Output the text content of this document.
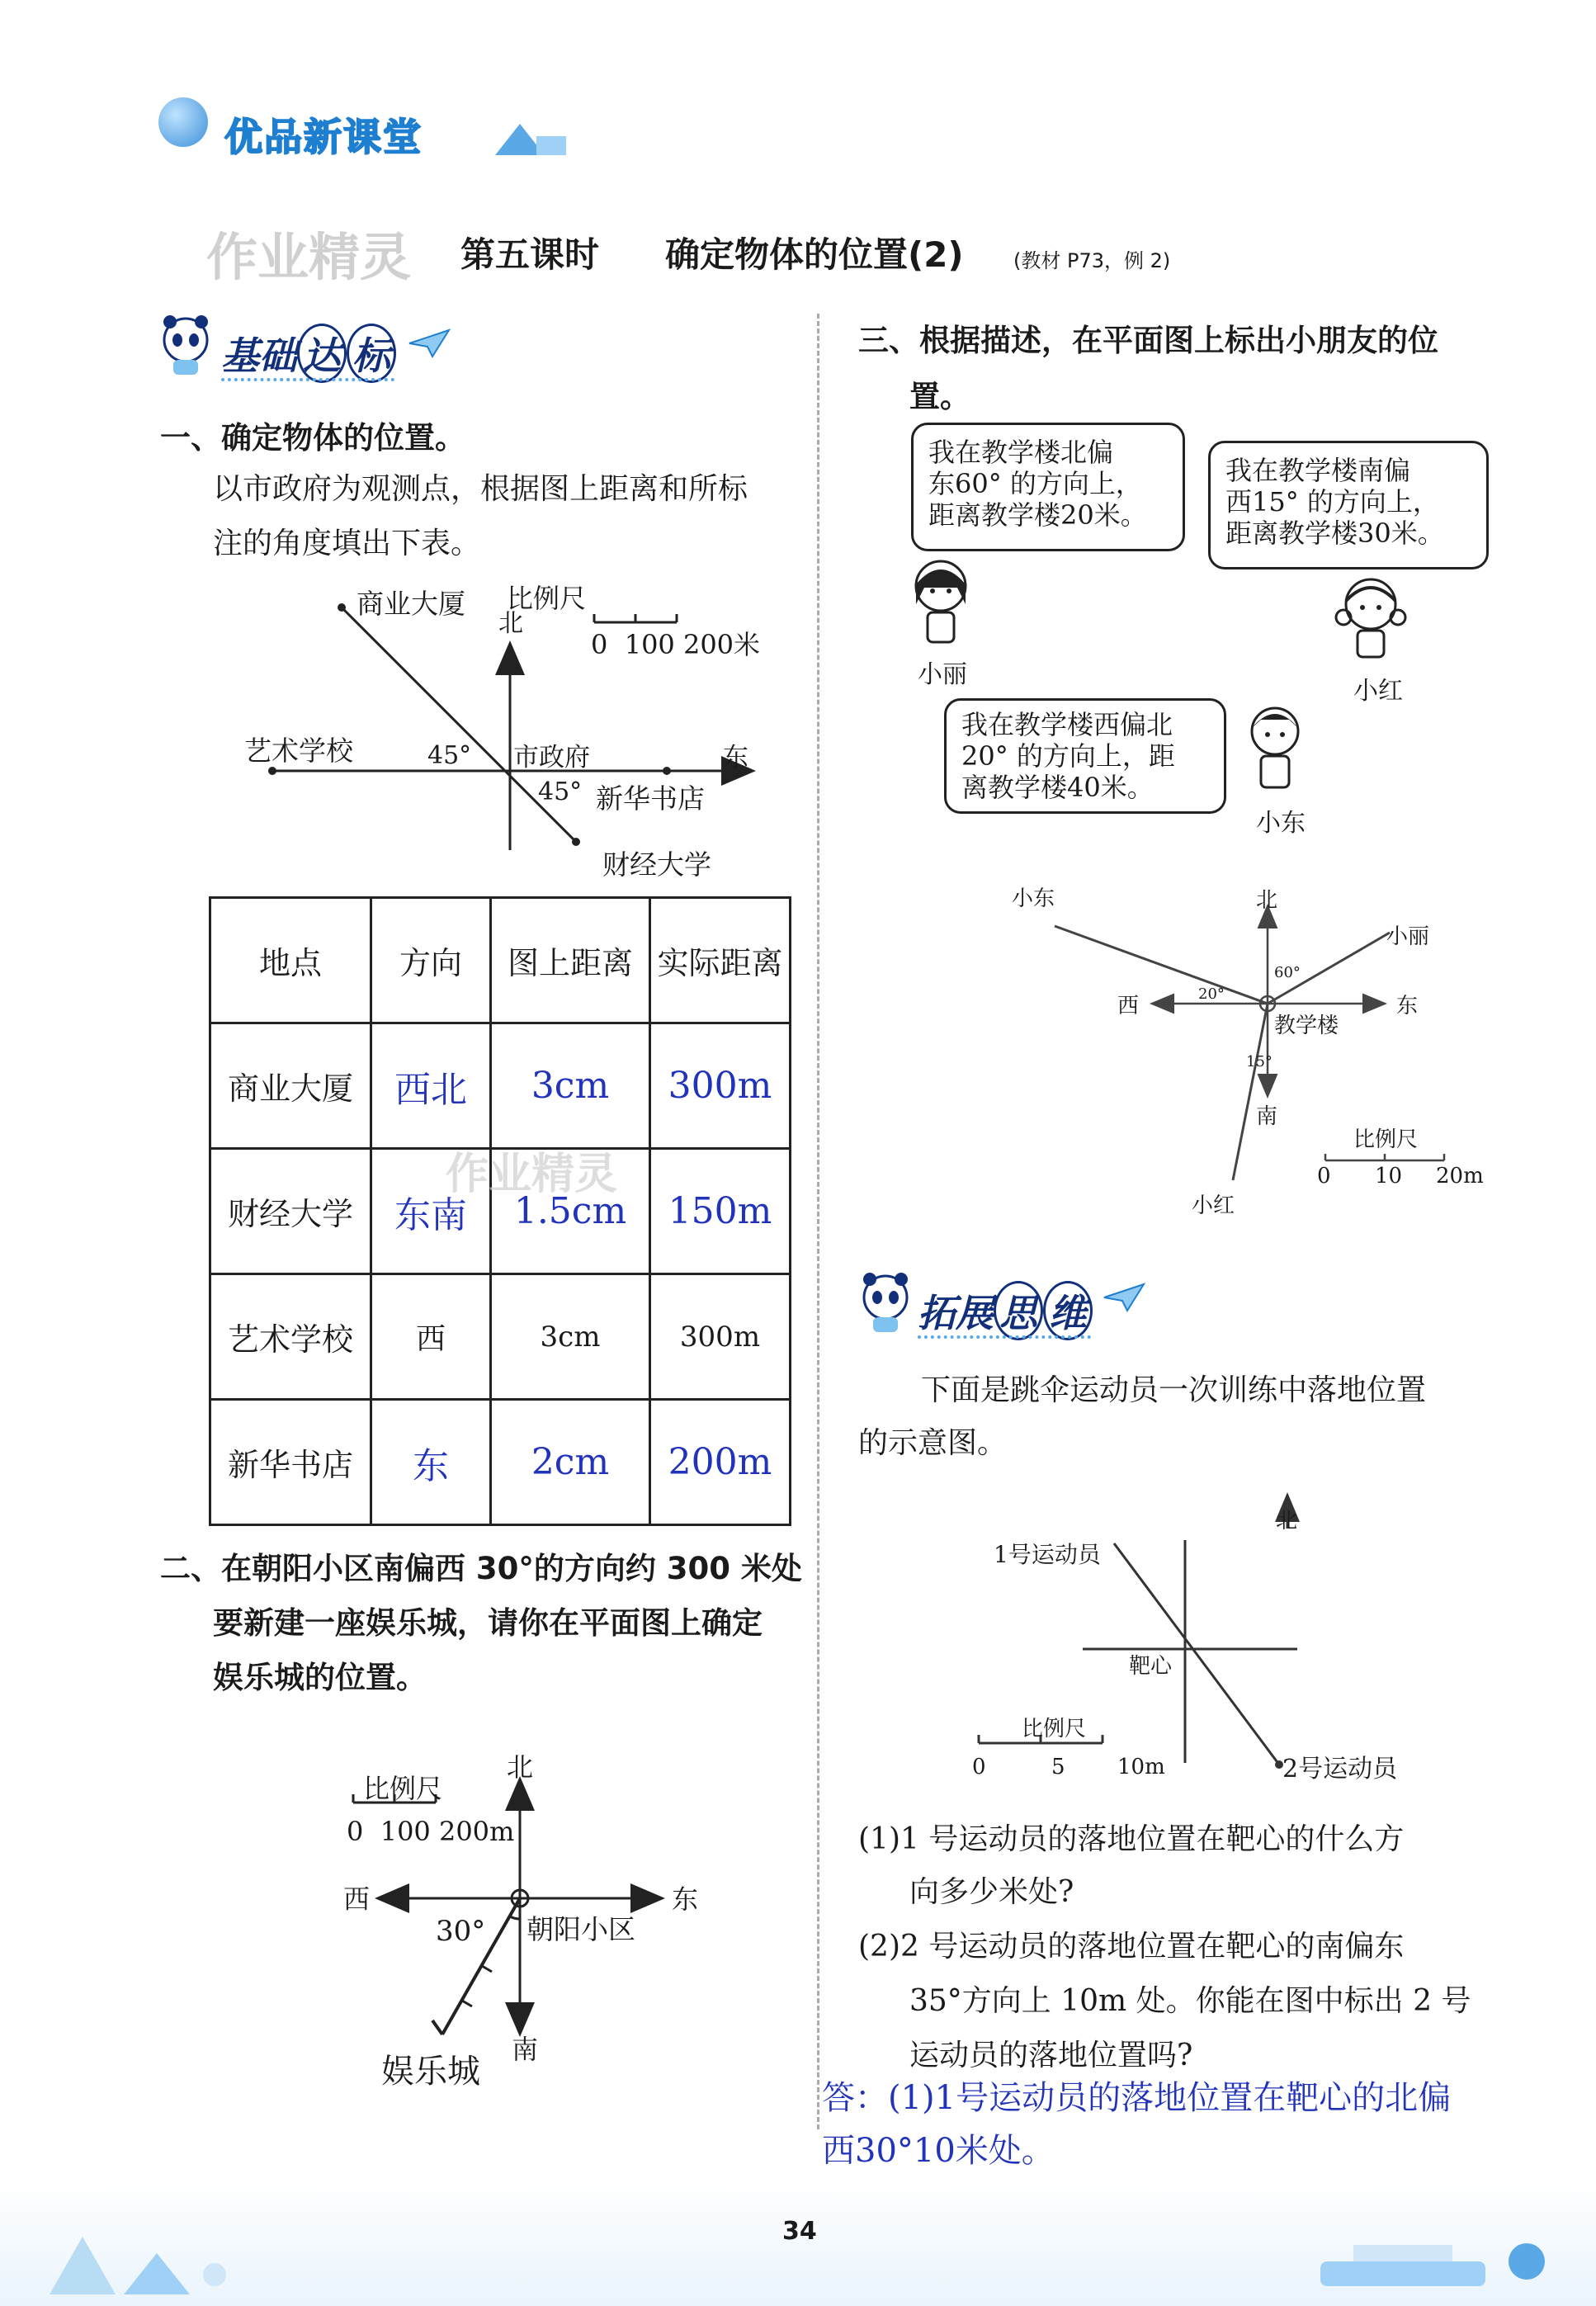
优品新课堂
作业精灵 第五课时 确定物体的位置(2)	(教材 P73，例 2)
基础 达 标
一、确定物体的位置。
以市政府为观测点，根据图上距离和所标
注的角度填出下表。
比例尺
0  100 200米
商业大厦
北
艺术学校	45° 市政府	东
45° 新华书店
财经大学
地点	方向	图上距离	实际距离
商业大厦	西北	3cm	300m
财经大学	东南	1.5cm	150m
艺术学校	西	3cm	300m
新华书店	东	2cm	200m
作业精灵
二、在朝阳小区南偏西 30°的方向约 300 米处
要新建一座娱乐城，请你在平面图上确定
娱乐城的位置。
比例尺
0  100 200m
北
西	东
朝阳小区
30°
南
娱乐城
三、根据描述，在平面图上标出小朋友的位
置。
我在教学楼北偏
东60° 的方向上，
距离教学楼20米。
我在教学楼南偏
西15° 的方向上，
距离教学楼30米。
我在教学楼西偏北
20° 的方向上，距
离教学楼40米。
小丽
小红
小东
小东	北
小丽
60°
20°
西	东
教学楼
15°
南
比例尺
0 10 20m
小红
拓展 思 维
下面是跳伞运动员一次训练中落地位置
的示意图。
北
1号运动员
靶心
比例尺
0	5 10m	2号运动员
(1)1 号运动员的落地位置在靶心的什么方
向多少米处?
(2)2 号运动员的落地位置在靶心的南偏东
35°方向上 10m 处。你能在图中标出 2 号
运动员的落地位置吗?
答：(1)1号运动员的落地位置在靶心的北偏
西30°10米处。
34
